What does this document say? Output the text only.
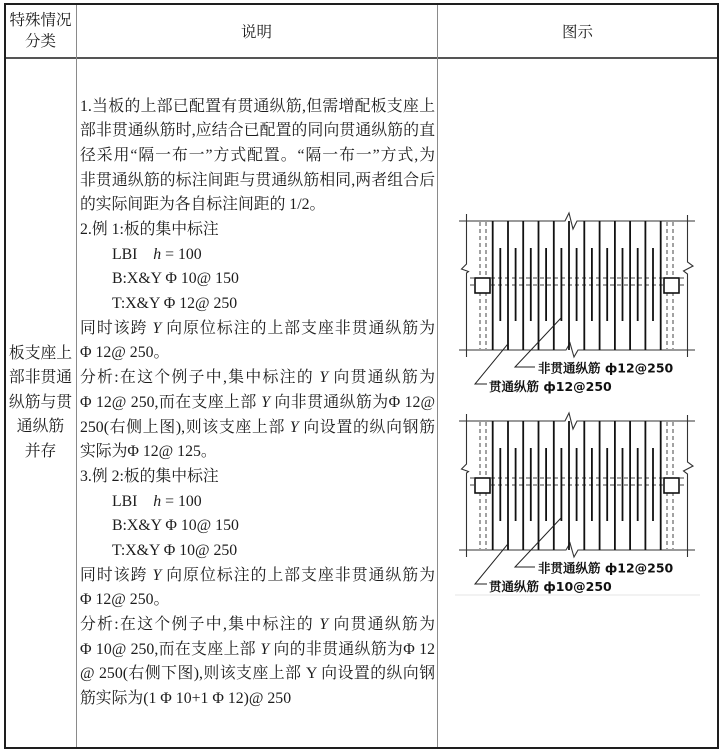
特殊情况
分类
说明	图示
板支座上
部非贯通
纵筋与贯
通纵筋
并存
1.当板的上部已配置有贯通纵筋,但需增配板支座上
部非贯通纵筋时,应结合已配置的同向贯通纵筋的直
径采用“隔一布一”方式配置。“隔一布一”方式,为
非贯通纵筋的标注间距与贯通纵筋相同,两者组合后
的实际间距为各自标注间距的 1/2。
2.例 1:板的集中标注
LBI h = 100
B:X&Y Φ 10@ 150
T:X&Y Φ 12@ 250
同时该跨 Y 向原位标注的上部支座非贯通纵筋为
Φ 12@ 250。
分析:在这个例子中,集中标注的 Y 向贯通纵筋为
Φ 12@ 250,而在支座上部 Y 向非贯通纵筋为Φ 12@
250(右侧上图),则该支座上部 Y 向设置的纵向钢筋
实际为Φ 12@ 125。
3.例 2:板的集中标注
LBI h = 100
B:X&Y Φ 10@ 150
T:X&Y Φ 10@ 250
同时该跨 Y 向原位标注的上部支座非贯通纵筋为
Φ 12@ 250。
分析:在这个例子中,集中标注的 Y 向贯通纵筋为
Φ 10@ 250,而在支座上部 Y 向的非贯通纵筋为Φ 12
@ 250(右侧下图),则该支座上部 Y 向设置的纵向钢
筋实际为(1 Φ 10+1 Φ 12)@ 250
非贯通纵筋 ф12@250
贯通纵筋 ф12@250
非贯通纵筋 ф12@250
贯通纵筋 ф10@250
